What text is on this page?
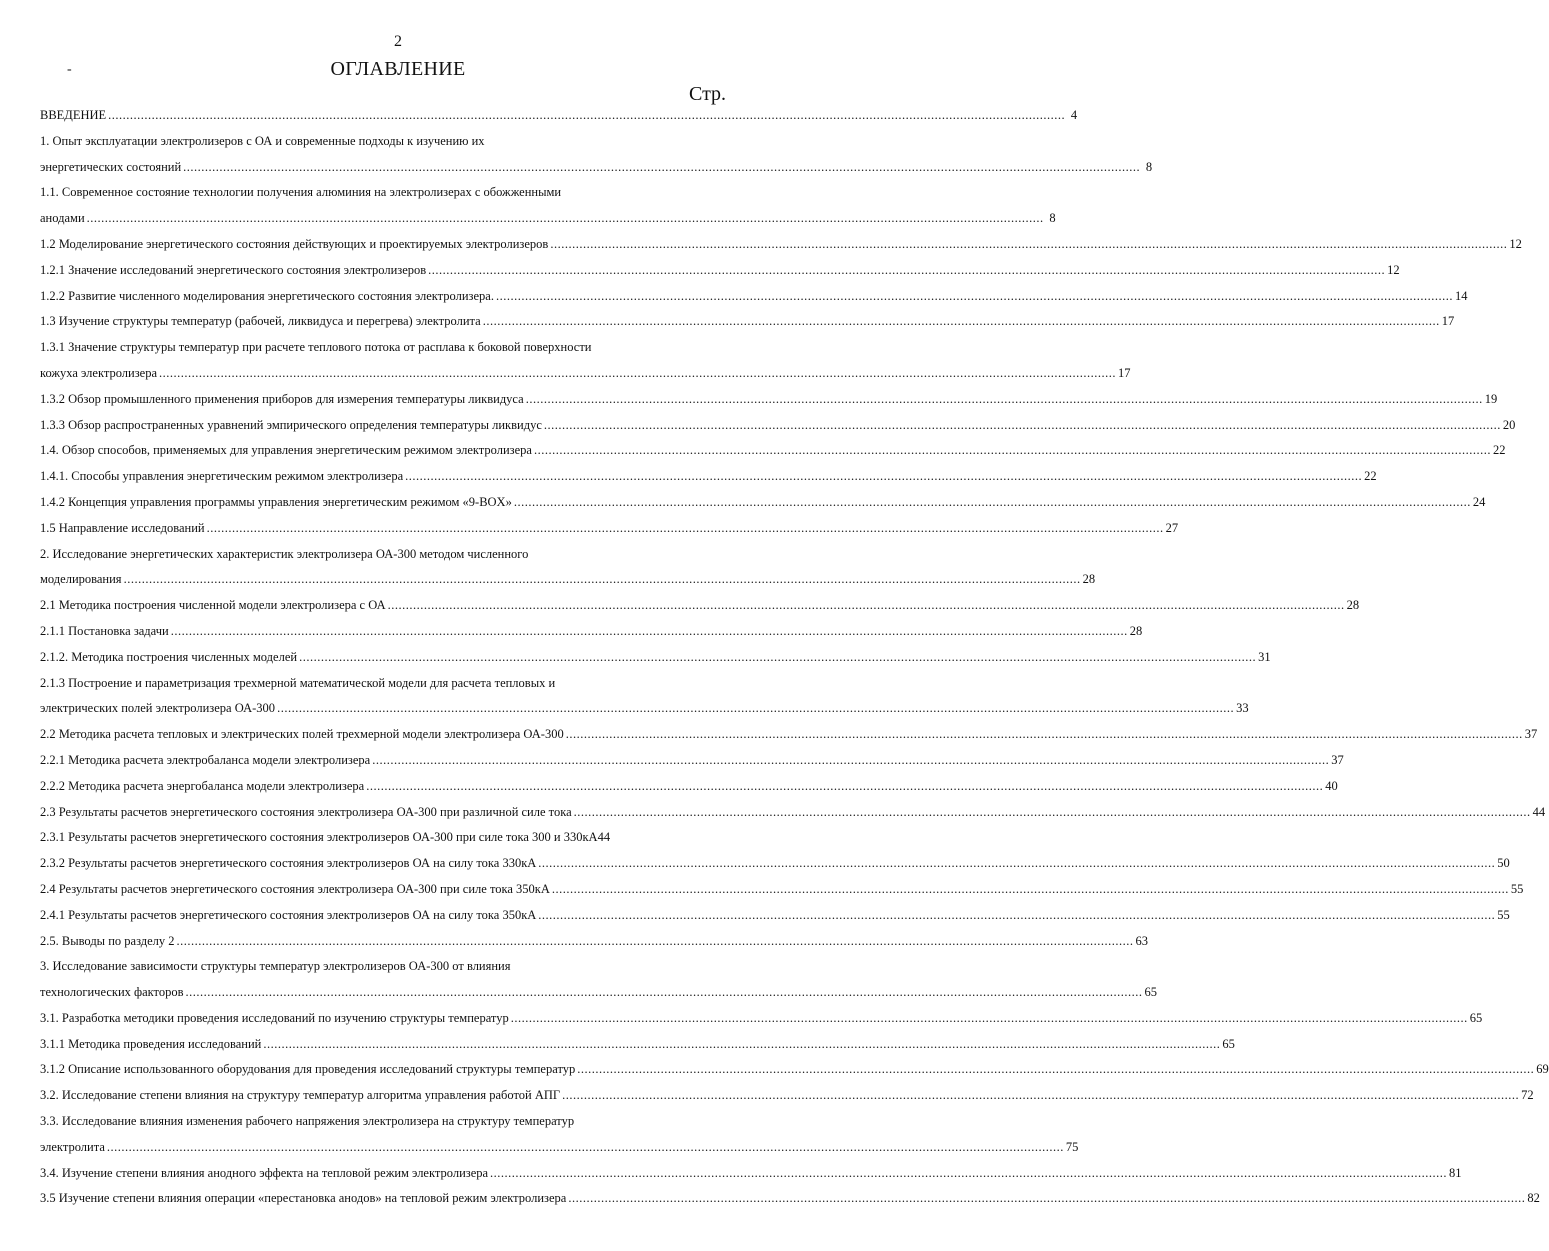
2
-	ОГЛАВЛЕНИЕ
Стр.
ВВЕДЕНИЕ .....	4
1. Опыт эксплуатации электролизеров с ОА и современные подходы к изучению их
энергетических состояний .....	8
1.1. Современное состояние технологии получения алюминия на электролизерах с обожженными
анодами .....	8
1.2 Моделирование энергетического состояния действующих и проектируемых электролизеров .....	12
1.2.1 Значение исследований энергетического состояния электролизеров .....	12
1.2.2 Развитие численного моделирования энергетического состояния электролизера. .....	14
1.3 Изучение структуры температур (рабочей, ликвидуса и перегрева) электролита .....	17
1.3.1 Значение структуры температур при расчете теплового потока от расплава к боковой поверхности
кожуха электролизера .....	17
1.3.2 Обзор промышленного применения приборов для измерения температуры ликвидуса .....	19
1.3.3 Обзор распространенных уравнений эмпирического определения температуры ликвидус .....	20
1.4. Обзор способов, применяемых для управления энергетическим режимом электролизера .....	22
1.4.1. Способы управления энергетическим режимом электролизера .....	22
1.4.2 Концепция управления программы управления энергетическим режимом «9-BOX» .....	24
1.5 Направление исследований .....	27
2. Исследование энергетических характеристик электролизера ОА-300 методом численного
моделирования .....	28
2.1 Методика построения численной модели электролизера с ОА .....	28
2.1.1 Постановка задачи .....	28
2.1.2. Методика построения численных моделей .....	31
2.1.3 Построение и параметризация трехмерной математической модели для расчета тепловых и
электрических полей электролизера ОА-300 .....	33
2.2 Методика расчета тепловых и электрических полей трехмерной модели электролизера ОА-300 .....	37
2.2.1 Методика расчета электробаланса модели электролизера .....	37
2.2.2 Методика расчета энергобаланса модели электролизера .....	40
2.3 Результаты расчетов энергетического состояния электролизера ОА-300 при различной силе тока .....	44
2.3.1 Результаты расчетов энергетического состояния электролизеров ОА-300 при силе тока 300 и 330кА 44
2.3.2 Результаты расчетов энергетического состояния электролизеров ОА на силу тока 330кА .....	50
2.4 Результаты расчетов энергетического состояния электролизера ОА-300 при силе тока 350кА .....	55
2.4.1 Результаты расчетов энергетического состояния электролизеров ОА на силу тока 350кА .....	55
2.5. Выводы по разделу 2 .....	63
3. Исследование зависимости структуры температур электролизеров ОА-300 от влияния
технологических факторов .....	65
3.1. Разработка методики проведения исследований по изучению структуры температур .....	65
3.1.1 Методика проведения исследований .....	65
3.1.2 Описание использованного оборудования для проведения исследований структуры температур .....	69
3.2. Исследование степени влияния на структуру температур алгоритма управления работой АПГ .....	72
3.3. Исследование влияния изменения рабочего напряжения электролизера на структуру температур
электролита .....	75
3.4. Изучение степени влияния анодного эффекта на тепловой режим электролизера .....	81
3.5 Изучение степени влияния операции «перестановка анодов» на тепловой режим электролизера .....	82
